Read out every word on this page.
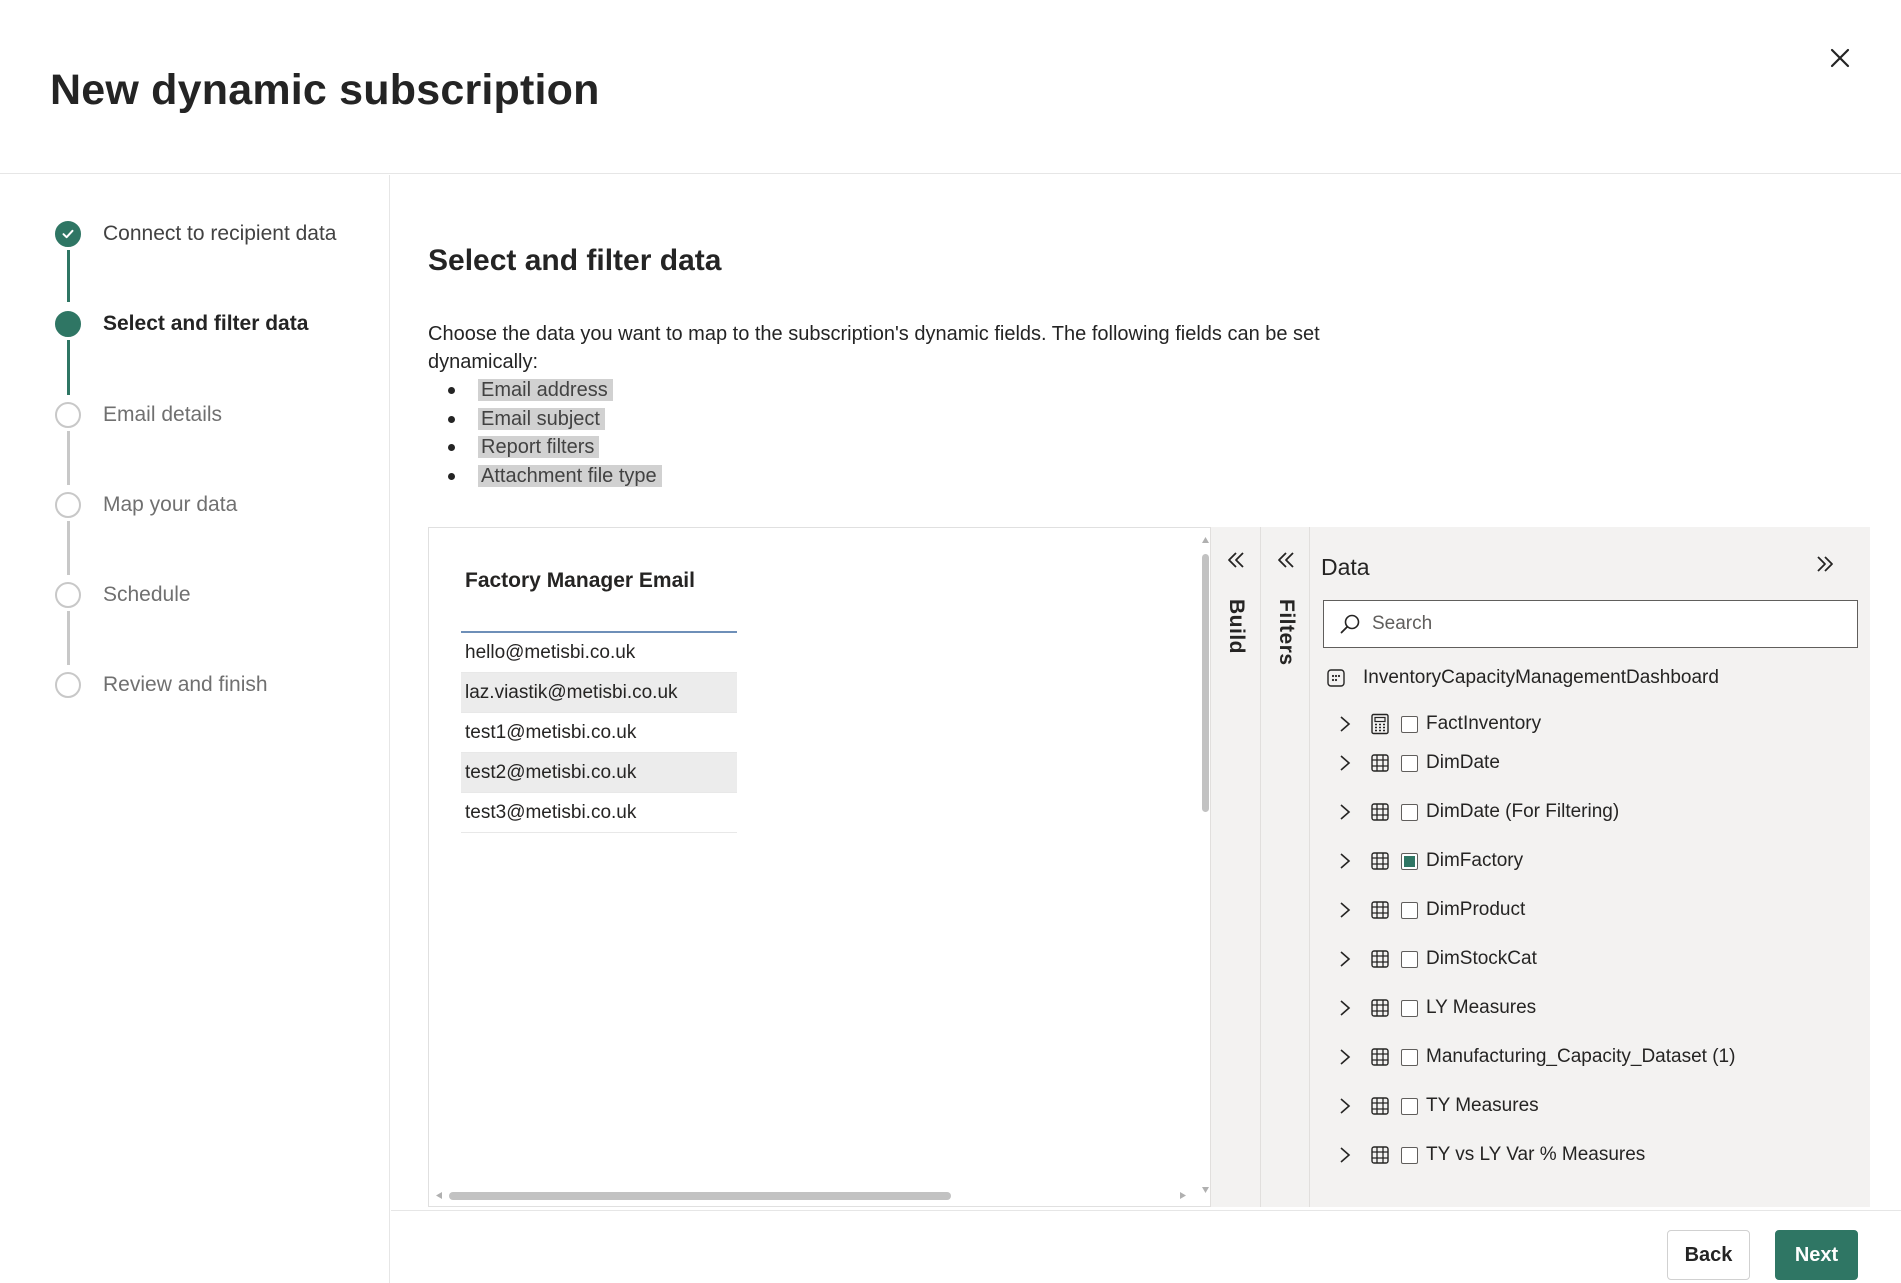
New dynamic subscription
Connect to recipient data
Select and filter data
Email details
Map your data
Schedule
Review and finish
Select and filter data
Choose the data you want to map to the subscription's dynamic fields. The following fields can be set dynamically:
Email address
Email subject
Report filters
Attachment file type
Factory Manager Email
hello@metisbi.co.uk
laz.viastik@metisbi.co.uk
test1@metisbi.co.uk
test2@metisbi.co.uk
test3@metisbi.co.uk
Build Filters
Data
Search
InventoryCapacityManagementDashboard
FactInventory
DimDate
DimDate (For Filtering)
DimFactory
DimProduct
DimStockCat
LY Measures
Manufacturing_Capacity_Dataset (1)
TY Measures
TY vs LY Var % Measures
Back	Next
